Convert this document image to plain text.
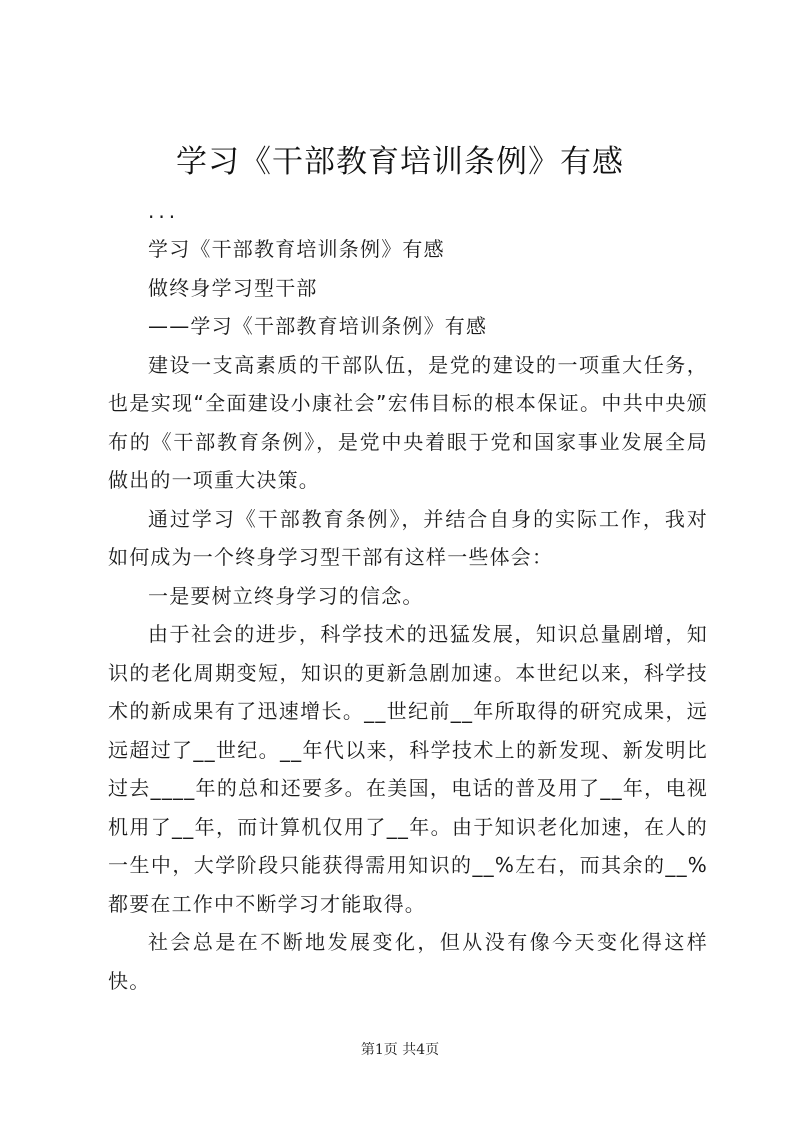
学习《干部教育培训条例》有感

...

学习《干部教育培训条例》有感

做终身学习型干部

——学习《干部教育培训条例》有感

建设一支高素质的干部队伍，是党的建设的一项重大任务，也是实现“全面建设小康社会”宏伟目标的根本保证。中共中央颁布的《干部教育条例》，是党中央着眼于党和国家事业发展全局做出的一项重大决策。

通过学习《干部教育条例》，并结合自身的实际工作，我对如何成为一个终身学习型干部有这样一些体会：

一是要树立终身学习的信念。

由于社会的进步，科学技术的迅猛发展，知识总量剧增，知识的老化周期变短，知识的更新急剧加速。本世纪以来，科学技术的新成果有了迅速增长。__世纪前__年所取得的研究成果，远远超过了__世纪。__年代以来，科学技术上的新发现、新发明比过去____年的总和还要多。在美国，电话的普及用了__年，电视机用了__年，而计算机仅用了__年。由于知识老化加速，在人的一生中，大学阶段只能获得需用知识的__%左右，而其余的__%都要在工作中不断学习才能取得。

社会总是在不断地发展变化，但从没有像今天变化得这样快。

第1页 共4页
